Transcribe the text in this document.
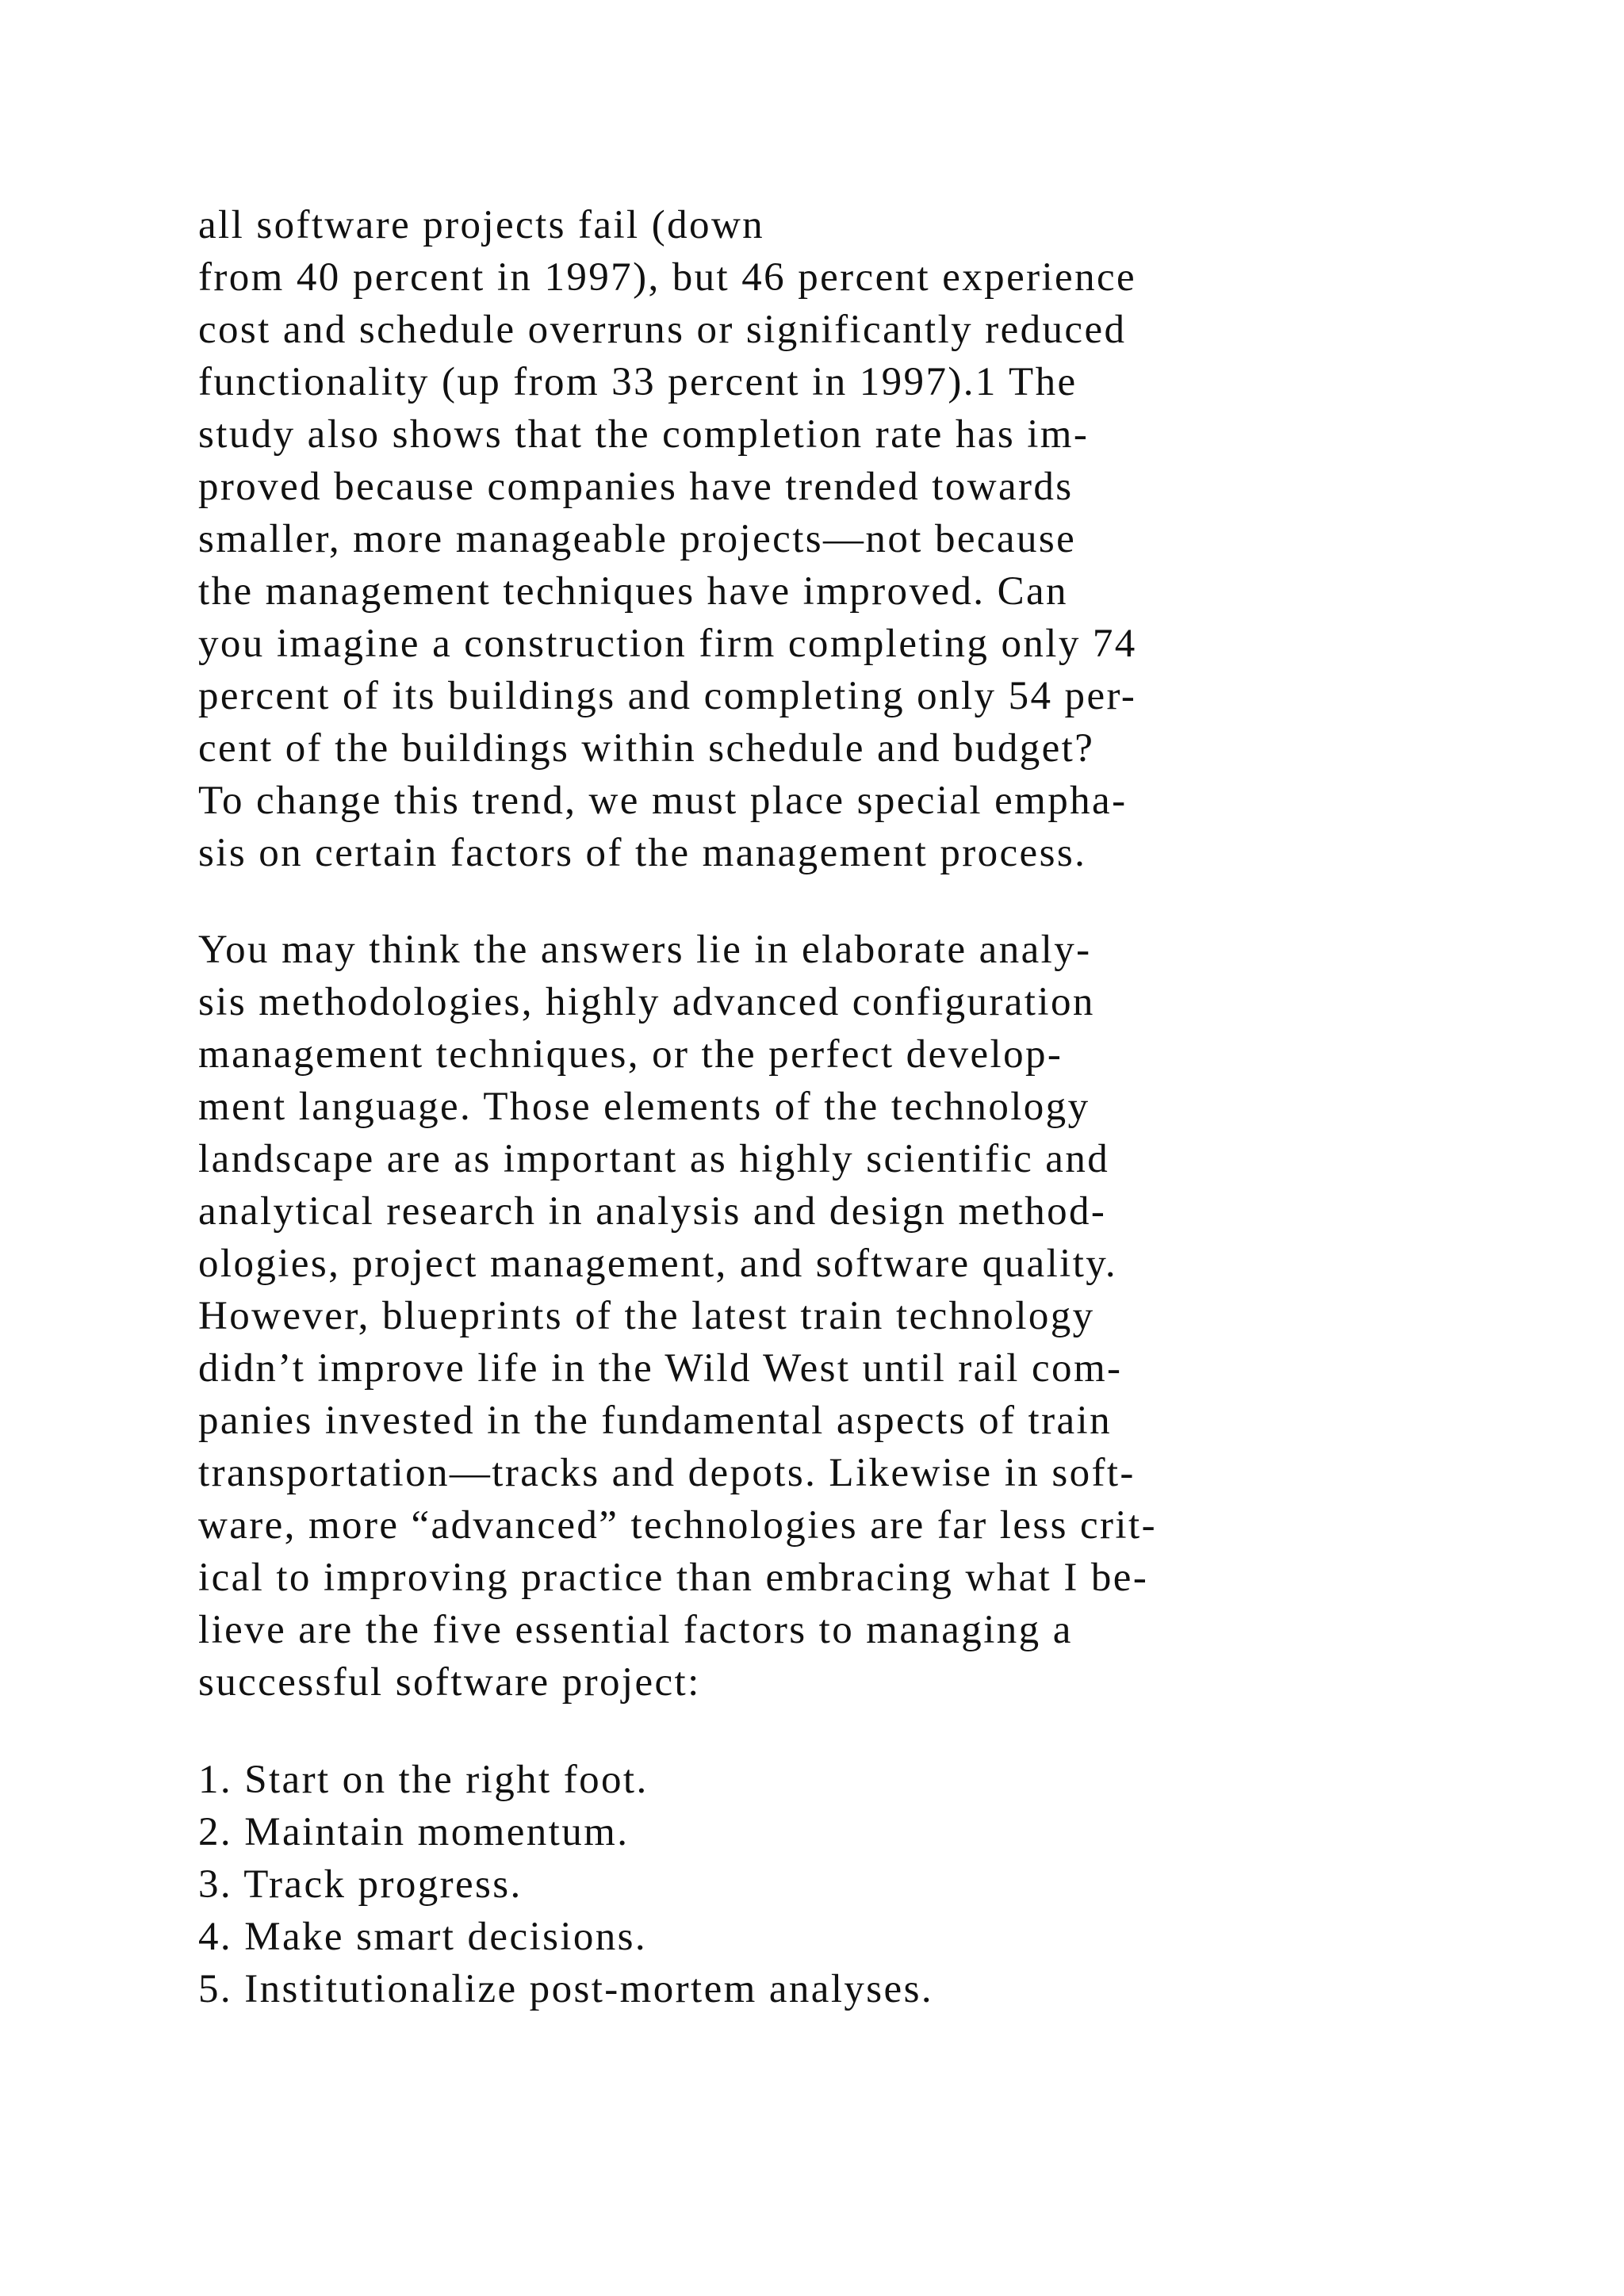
all software projects fail (down
from 40 percent in 1997), but 46 percent experience
cost and schedule overruns or significantly reduced
functionality (up from 33 percent in 1997).1 The
study also shows that the completion rate has im-
proved because companies have trended towards
smaller, more manageable projects—not because
the management techniques have improved. Can
you imagine a construction firm completing only 74
percent of its buildings and completing only 54 per-
cent of the buildings within schedule and budget?
To change this trend, we must place special empha-
sis on certain factors of the management process.
You may think the answers lie in elaborate analy-
sis methodologies, highly advanced configuration
management techniques, or the perfect develop-
ment language. Those elements of the technology
landscape are as important as highly scientific and
analytical research in analysis and design method-
ologies, project management, and software quality.
However, blueprints of the latest train technology
didn’t improve life in the Wild West until rail com-
panies invested in the fundamental aspects of train
transportation—tracks and depots. Likewise in soft-
ware, more “advanced” technologies are far less crit-
ical to improving practice than embracing what I be-
lieve are the five essential factors to managing a
successful software project:
1. Start on the right foot.
2. Maintain momentum.
3. Track progress.
4. Make smart decisions.
5. Institutionalize post-mortem analyses.
